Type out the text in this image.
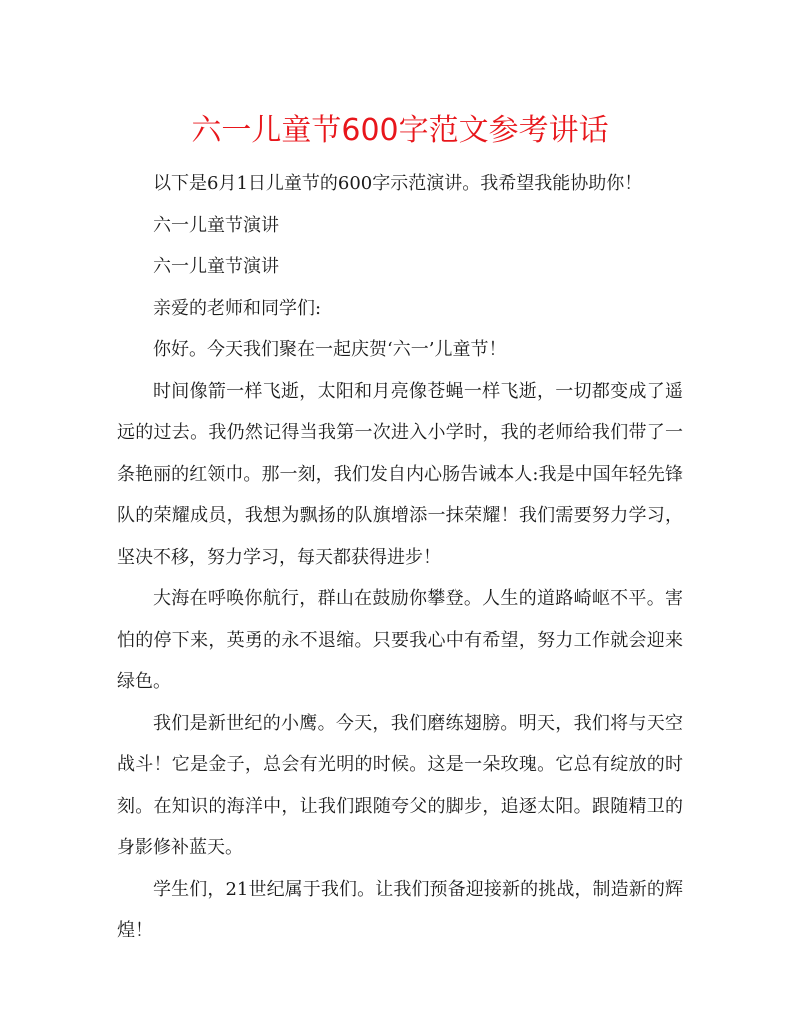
六一儿童节600字范文参考讲话

以下是6月1日儿童节的600字示范演讲。我希望我能协助你！

六一儿童节演讲

六一儿童节演讲

亲爱的老师和同学们:

你好。今天我们聚在一起庆贺‘六一’儿童节！

时间像箭一样飞逝，太阳和月亮像苍蝇一样飞逝，一切都变成了遥远的过去。我仍然记得当我第一次进入小学时，我的老师给我们带了一条艳丽的红领巾。那一刻，我们发自内心肠告诫本人:我是中国年轻先锋队的荣耀成员，我想为飘扬的队旗增添一抹荣耀！我们需要努力学习，坚决不移，努力学习，每天都获得进步！

大海在呼唤你航行，群山在鼓励你攀登。人生的道路崎岖不平。害怕的停下来，英勇的永不退缩。只要我心中有希望，努力工作就会迎来绿色。

我们是新世纪的小鹰。今天，我们磨练翅膀。明天，我们将与天空战斗！它是金子，总会有光明的时候。这是一朵玫瑰。它总有绽放的时刻。在知识的海洋中，让我们跟随夸父的脚步，追逐太阳。跟随精卫的身影修补蓝天。

学生们，21世纪属于我们。让我们预备迎接新的挑战，制造新的辉煌！
